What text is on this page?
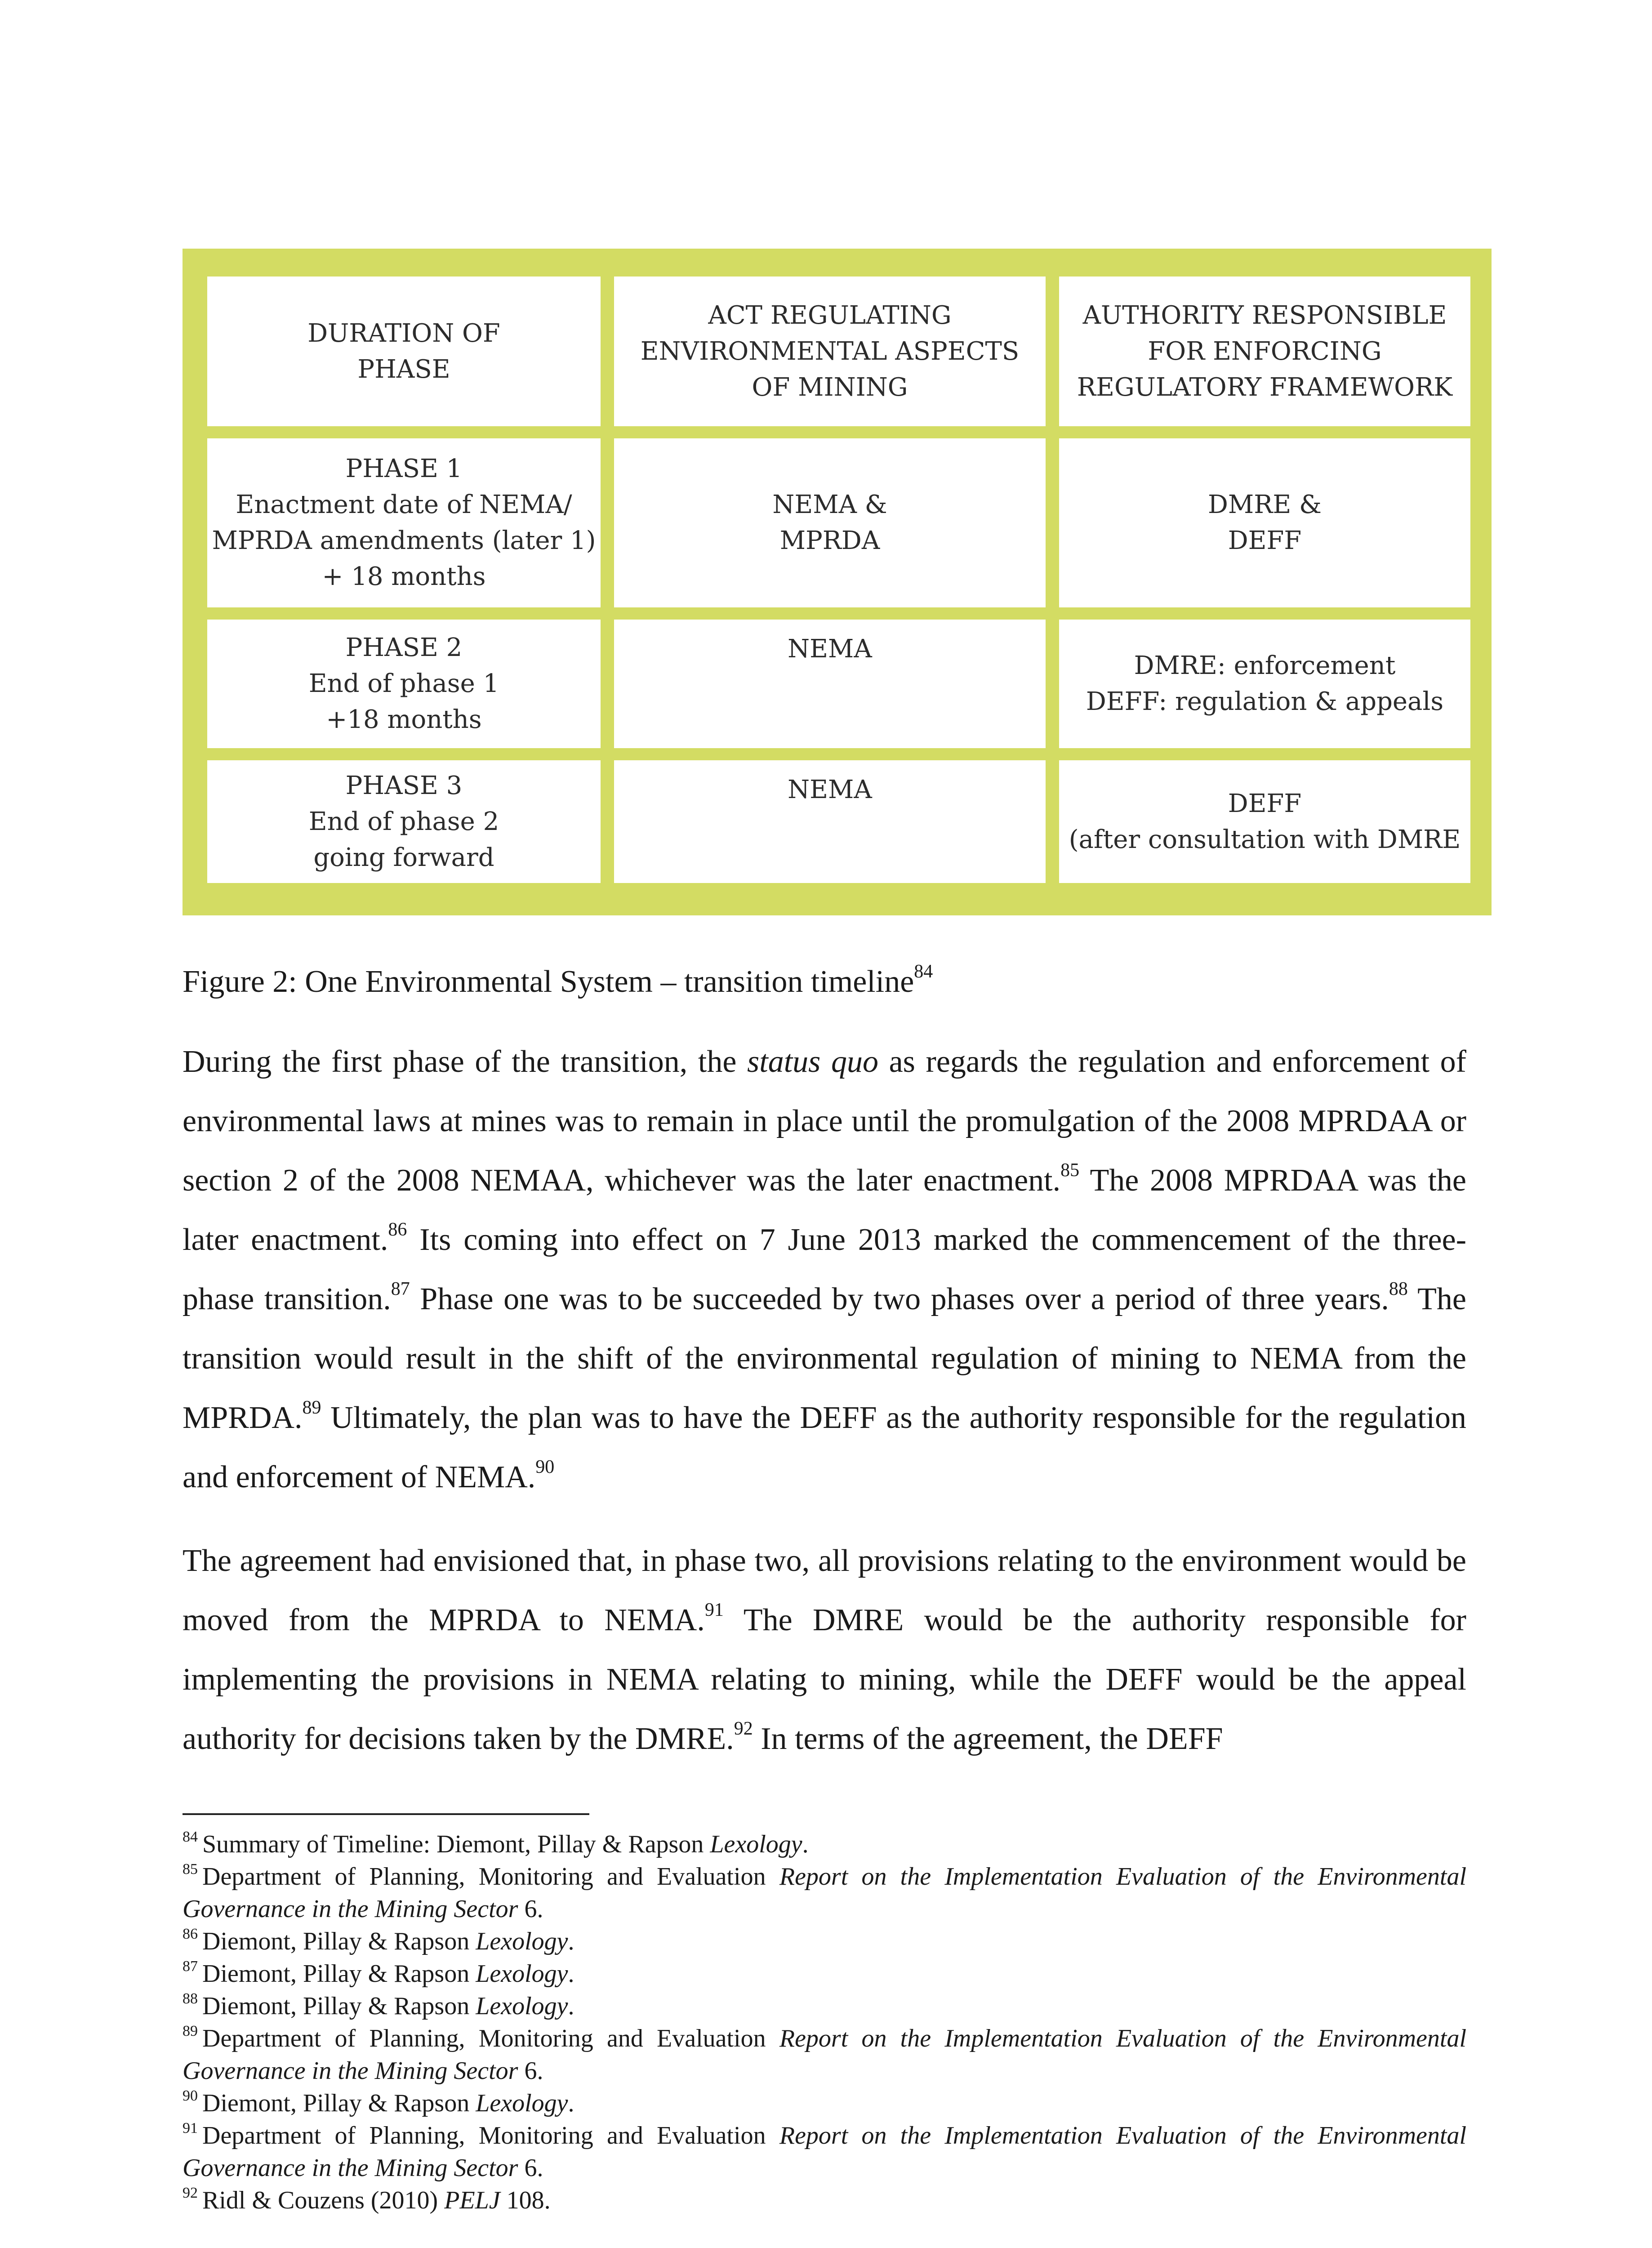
DURATION OF
PHASE
ACT REGULATING
ENVIRONMENTAL ASPECTS
OF MINING
AUTHORITY RESPONSIBLE
FOR ENFORCING
REGULATORY FRAMEWORK
PHASE 1
Enactment date of NEMA/
MPRDA amendments (later 1)
+ 18 months
NEMA &
MPRDA
DMRE &
DEFF
PHASE 2
End of phase 1
+18 months
NEMA
DMRE: enforcement
DEFF: regulation & appeals
PHASE 3
End of phase 2
going forward
NEMA	DEFF
(after consultation with DMRE
Figure 2: One Environmental System – transition timeline$^{84}$

During the first phase of the transition, the status quo as regards the regulation and enforcement of environmental laws at mines was to remain in place until the promulgation of the 2008 MPRDAA or section 2 of the 2008 NEMAA, whichever was the later enactment.$^{85}$ The 2008 MPRDAA was the later enactment.$^{86}$ Its coming into effect on 7 June 2013 marked the commencement of the three-phase transition.$^{87}$ Phase one was to be succeeded by two phases over a period of three years.$^{88}$ The transition would result in the shift of the environmental regulation of mining to NEMA from the MPRDA.$^{89}$ Ultimately, the plan was to have the DEFF as the authority responsible for the regulation and enforcement of NEMA.$^{90}$

The agreement had envisioned that, in phase two, all provisions relating to the environment would be moved from the MPRDA to NEMA.$^{91}$ The DMRE would be the authority responsible for implementing the provisions in NEMA relating to mining, while the DEFF would be the appeal authority for decisions taken by the DMRE.$^{92}$ In terms of the agreement, the DEFF

$^{84}$ Summary of Timeline: Diemont, Pillay & Rapson Lexology.

$^{85}$ Department of Planning, Monitoring and Evaluation Report on the Implementation Evaluation of the Environmental Governance in the Mining Sector 6.

$^{86}$ Diemont, Pillay & Rapson Lexology.

$^{87}$ Diemont, Pillay & Rapson Lexology.

$^{88}$ Diemont, Pillay & Rapson Lexology.

$^{89}$ Department of Planning, Monitoring and Evaluation Report on the Implementation Evaluation of the Environmental Governance in the Mining Sector 6.

$^{90}$ Diemont, Pillay & Rapson Lexology.

$^{91}$ Department of Planning, Monitoring and Evaluation Report on the Implementation Evaluation of the Environmental Governance in the Mining Sector 6.

$^{92}$ Ridl & Couzens (2010) PELJ 108.
